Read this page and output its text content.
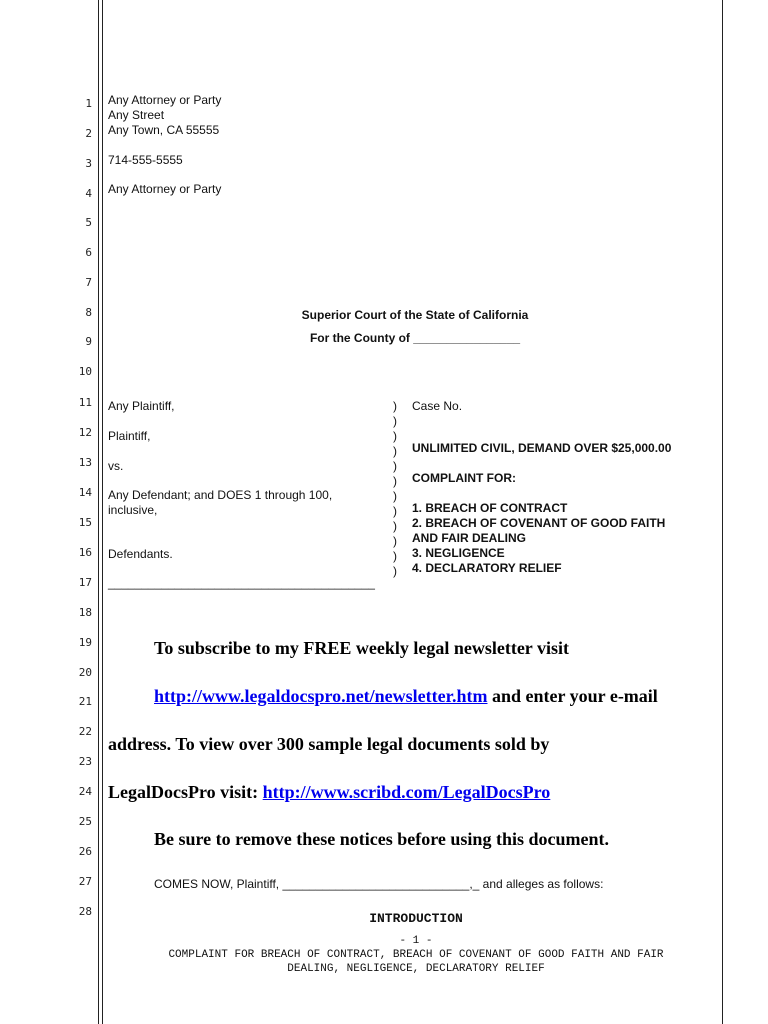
1
2
3
4
5
6
7
8
9
10
11
12
13
14
15
16
17
18
19
20
21
22
23
24
25
26
27
28
Any Attorney or Party
Any Street
Any Town, CA 55555
714-555-5555
Any Attorney or Party
Superior Court of the State of California
For the County of ________________
Any Plaintiff,
Plaintiff,
vs.
Any Defendant; and DOES 1 through 100,
inclusive,
Defendants.
________________________________________
)
)
)
)
)
)
)
)
)
)
)
)
Case No.
UNLIMITED CIVIL, DEMAND OVER $25,000.00
COMPLAINT FOR:
1. BREACH OF CONTRACT
2. BREACH OF COVENANT OF GOOD FAITH
AND FAIR DEALING
3. NEGLIGENCE
4. DECLARATORY RELIEF
To subscribe to my FREE weekly legal newsletter visit
http://www.legaldocspro.net/newsletter.htm and enter your e-mail
address. To view over 300 sample legal documents sold by
LegalDocsPro visit: http://www.scribd.com/LegalDocsPro
Be sure to remove these notices before using this document.
COMES NOW, Plaintiff, ____________________________,_ and alleges as follows:
INTRODUCTION
- 1 -
COMPLAINT FOR BREACH OF CONTRACT, BREACH OF COVENANT OF GOOD FAITH AND FAIR
DEALING, NEGLIGENCE, DECLARATORY RELIEF
